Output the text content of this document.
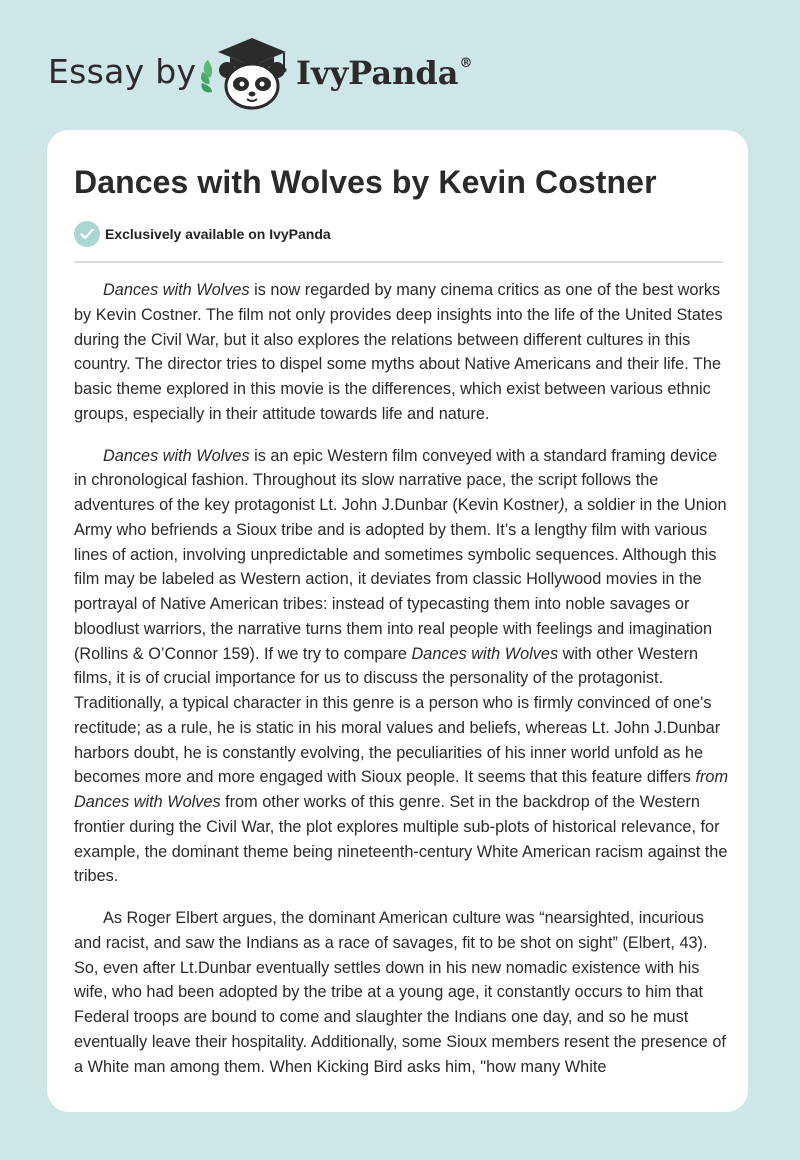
Essay by	IvyPanda®
Dances with Wolves by Kevin Costner
Exclusively available on IvyPanda

Dances with Wolves is now regarded by many cinema critics as one of the best works by Kevin Costner. The film not only provides deep insights into the life of the United States during the Civil War, but it also explores the relations between different cultures in this country. The director tries to dispel some myths about Native Americans and their life. The basic theme explored in this movie is the differences, which exist between various ethnic groups, especially in their attitude towards life and nature.

Dances with Wolves is an epic Western film conveyed with a standard framing device in chronological fashion. Throughout its slow narrative pace, the script follows the adventures of the key protagonist Lt. John J.Dunbar (Kevin Kostner), a soldier in the Union Army who befriends a Sioux tribe and is adopted by them. It’s a lengthy film with various lines of action, involving unpredictable and sometimes symbolic sequences. Although this film may be labeled as Western action, it deviates from classic Hollywood movies in the portrayal of Native American tribes: instead of typecasting them into noble savages or bloodlust warriors, the narrative turns them into real people with feelings and imagination (Rollins & O’Connor 159). If we try to compare Dances with Wolves with other Western films, it is of crucial importance for us to discuss the personality of the protagonist. Traditionally, a typical character in this genre is a person who is firmly convinced of one's rectitude; as a rule, he is static in his moral values and beliefs, whereas Lt. John J.Dunbar harbors doubt, he is constantly evolving, the peculiarities of his inner world unfold as he becomes more and more engaged with Sioux people. It seems that this feature differs from Dances with Wolves from other works of this genre. Set in the backdrop of the Western frontier during the Civil War, the plot explores multiple sub-plots of historical relevance, for example, the dominant theme being nineteenth-century White American racism against the tribes.

As Roger Elbert argues, the dominant American culture was “nearsighted, incurious and racist, and saw the Indians as a race of savages, fit to be shot on sight” (Elbert, 43). So, even after Lt.Dunbar eventually settles down in his new nomadic existence with his wife, who had been adopted by the tribe at a young age, it constantly occurs to him that Federal troops are bound to come and slaughter the Indians one day, and so he must eventually leave their hospitality. Additionally, some Sioux members resent the presence of a White man among them. When Kicking Bird asks him, "how many White
